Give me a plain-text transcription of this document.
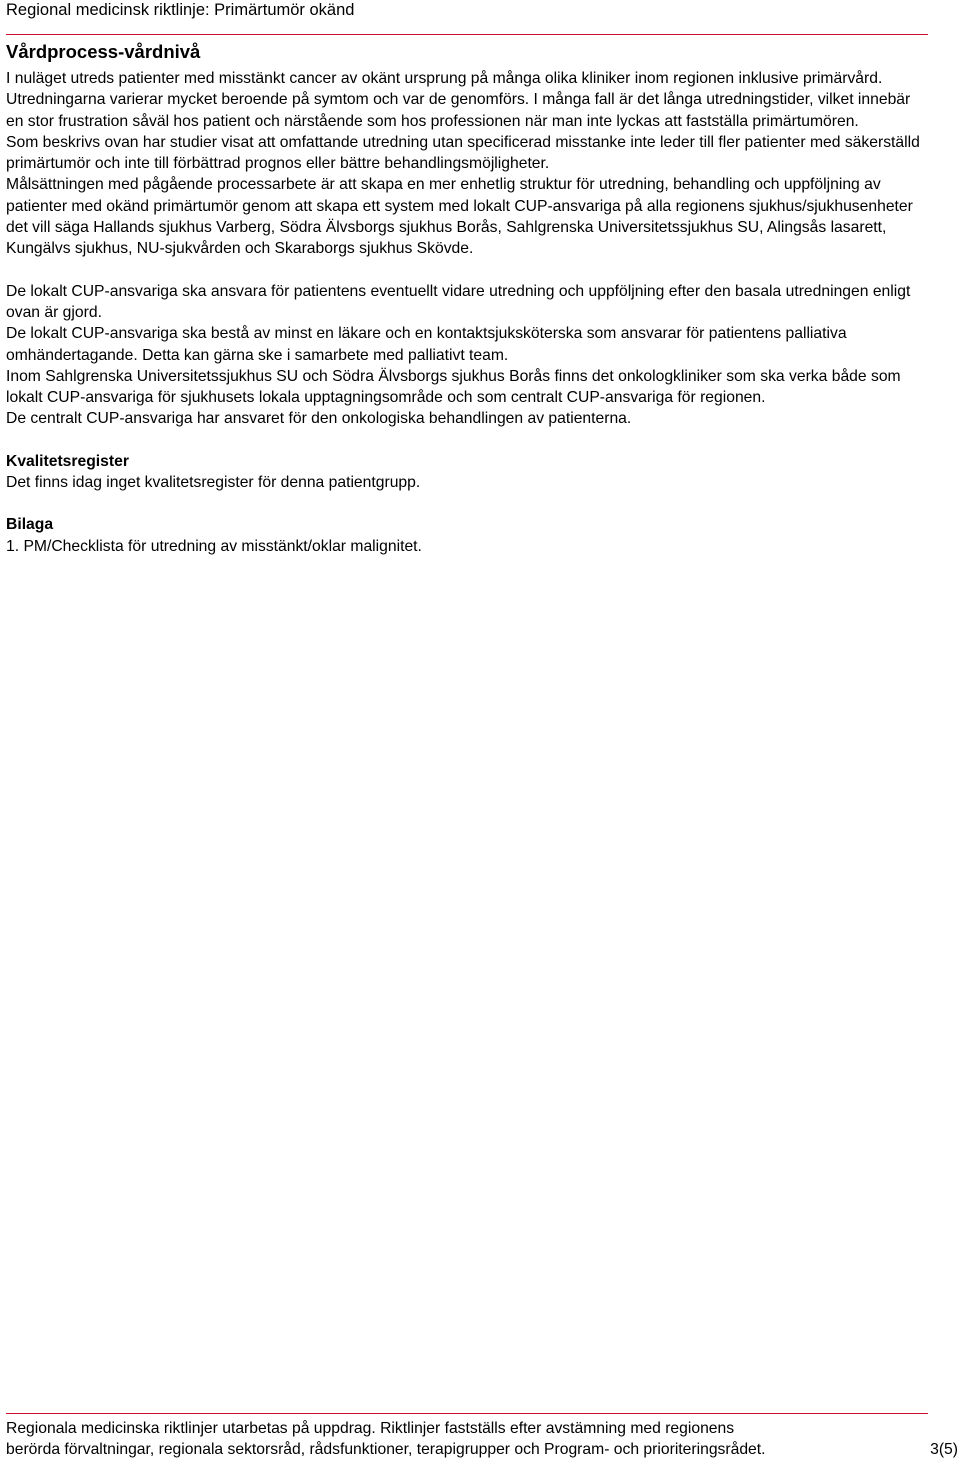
Regional medicinsk riktlinje: Primärtumör okänd
Vårdprocess-vårdnivå

I nuläget utreds patienter med misstänkt cancer av okänt ursprung på många olika kliniker inom regionen inklusive primärvård. Utredningarna varierar mycket beroende på symtom och var de genomförs. I många fall är det långa utredningstider, vilket innebär en stor frustration såväl hos patient och närstående som hos professionen när man inte lyckas att fastställa primärtumören.

Som beskrivs ovan har studier visat att omfattande utredning utan specificerad misstanke inte leder till fler patienter med säkerställd primärtumör och inte till förbättrad prognos eller bättre behandlingsmöjligheter.

Målsättningen med pågående processarbete är att skapa en mer enhetlig struktur för utredning, behandling och uppföljning av patienter med okänd primärtumör genom att skapa ett system med lokalt CUP-ansvariga på alla regionens sjukhus/sjukhusenheter det vill säga Hallands sjukhus Varberg, Södra Älvsborgs sjukhus Borås, Sahlgrenska Universitetssjukhus SU, Alingsås lasarett, Kungälvs sjukhus, NU-sjukvården och Skaraborgs sjukhus Skövde.

De lokalt CUP-ansvariga ska ansvara för patientens eventuellt vidare utredning och uppföljning efter den basala utredningen enligt ovan är gjord.

De lokalt CUP-ansvariga ska bestå av minst en läkare och en kontaktsjuksköterska som ansvarar för patientens palliativa omhändertagande. Detta kan gärna ske i samarbete med palliativt team.

Inom Sahlgrenska Universitetssjukhus SU och Södra Älvsborgs sjukhus Borås finns det onkologkliniker som ska verka både som lokalt CUP-ansvariga för sjukhusets lokala upptagningsområde och som centralt CUP-ansvariga för regionen.

De centralt CUP-ansvariga har ansvaret för den onkologiska behandlingen av patienterna.

Kvalitetsregister

Det finns idag inget kvalitetsregister för denna patientgrupp.

Bilaga

1. PM/Checklista för utredning av misstänkt/oklar malignitet.

Regionala medicinska riktlinjer utarbetas på uppdrag. Riktlinjer fastställs efter avstämning med regionens
berörda förvaltningar, regionala sektorsråd, rådsfunktioner, terapigrupper och Program- och prioriteringsrådet.	3(5)
